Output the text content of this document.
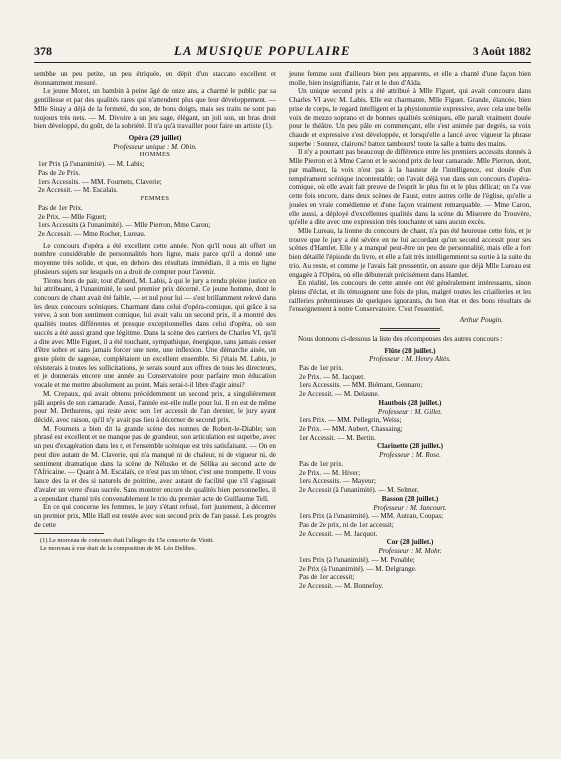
378	LA MUSIQUE POPULAIRE	3 Août 1882

sembhe un peu petite, un peu étriquée, en dépit d'un staccato excellent et étonnamment mesuré.

Le jeune Moret, un bambin à peine âgé de onze ans, a charmé le public par sa gentillesse et par des qualités rares qui n'attendent plus que leur développement. — Mlle Sinay a déjà de la fermeté, du son, de bons doigts, mais ses traits ne sont pas toujours très nets. — M. Divoire a un jeu sage, élégant, un joli son, un bras droit bien développé, du goût, de la sobriété. Il n'a qu'à travailler pour faire un artiste (1).

Opéra (29 juillet)

Professeur unique : M. Obin.

HOMMES

1er Prix (à l'unanimité). — M. Labis;

Pas de 2e Prix.

1ers Accessits. — MM. Fournets, Claverie;

2e Accessit. — M. Escalaïs.

FEMMES

Pas de 1er Prix.

2e Prix. — Mlle Figuet;

1ers Accessits (à l'unanimité). — Mlle Pierron, Mme Caron;

2e Accessit. — Mme Rocher, Lureau.

Le concours d'opéra a été excellent cette année. Non qu'il nous ait offert un nombre considérable de personnalités hors ligne, mais parce qu'il a donné une moyenne très solide, et que, en dehors des résultats immédiats, il a mis en ligne plusieurs sujets sur lesquels on a droit de compter pour l'avenir.

Tirons hors de pair, tout d'abord, M. Labis, à qui le jury a rendu pleine justice en lui attribuant, à l'unanimité, le seul premier prix décerné. Ce jeune homme, dont le concours de chant avait été faible, — et nul pour lui — s'est brillamment relevé dans les deux concours scéniques. Charmant dans celui d'opéra-comique, qui grâce à sa verve, à son bon sentiment comique, lui avait valu un second prix, il a montré des qualités toutes différentes et presque exceptionnelles dans celui d'opéra, où son succès a été aussi grand que légitime. Dans la scène des carriers de Charles VI, qu'il a dite avec Mlle Figuet, il a été touchant, sympathique, énergique, sans jamais cesser d'être sobre et sans jamais forcer une note, une inflexion. Une démarche aisée, un geste plein de sagesse, complétaient un excellent ensemble. Si j'étais M. Labis, je résisterais à toutes les sollicitations, je serais sourd aux offres de tous les directeurs, et je donnerais encore une année au Conservatoire pour parfaire mon éducation vocale et me mettre absolument au point. Mais serai-t-il libre d'agir ainsi?

M. Crepaux, qui avait obtenu précédemment un second prix, a singulièrement pâli auprès de son camarade. Aussi, l'année est-elle nulle pour lui. Il en est de même pour M. Dethurens, qui reste avec son 1er accessit de l'an dernier, le jury ayant décidé, avec raison, qu'il n'y avait pas lieu à décerner de second prix.

M. Fournets a bien dit la grande scène des nonnes de Robert-le-Diable; son phrasé est excellent et ne manque pas de grandeur, son articulation est superbe, avec un peu d'exagération dans les r, et l'ensemble scénique est très satisfaisant. — On en peut dire autant de M. Claverie, qui n'a manqué ni de chaleur, ni de vigueur ni, de sentiment dramatique dans la scène de Nélusko et de Sélika au second acte de l'Africaine. — Quant à M. Escalaïs, ce n'est pas un ténor, c'est une trompette. Il vous lance des la et des si naturels de poitrine, avec autant de facilité que s'il s'agissait d'avaler un verre d'eau sucrée. Sans montrer encore de qualités bien personnelles, il a cependant chanté très convenablement le trio du premier acte de Guillaume Tell.

En ce qui concerne les femmes, le jury s'étant refusé, fort justement, à décerner un premier prix, Mlle Hall est restée avec son second prix de l'an passé. Les progrès de cette

(1) Le morceau de concours était l'allegro du 15e concerto de Viotti.

Le morceau à vue était de la composition de M. Léo Delibes.

jeune femme sont d'ailleurs bien peu apparents, et elle a chanté d'une façon bien molle, bien insignifiante, l'air et le duo d'Aïda.

Un unique second prix a été attribué à Mlle Figuet, qui avait concouru dans Charles VI avec M. Labis. Elle est charmante, Mlle Figuet. Grande, élancée, bien prise de corps, le regard intelligent et la physionomie expressive, avec cela une belle voix de mezzo soprano et de bonnes qualités scéniques, elle paraît vraiment douée pour le théâtre. Un peu pâle en commençant, elle s'est animée par degrés, sa voix chaude et expressive s'est développée, et lorsqu'elle a lancé avec vigueur la phrase superbe : Sonnez, clairons! battez tambours! toute la salle a battu des mains.

Il n'y a pourtant pas beaucoup de différence entre les premiers accessits donnés à Mlle Pierron et à Mme Caron et le second prix de leur camarade. Mlle Pierron, dont, par malheur, la voix n'est pas à la hauteur de l'intelligence, est douée d'un tempérament scénique incontestable; on l'avait déjà vue dans son concours d'opéra-comique, où elle avait fait preuve de l'esprit le plus fin et le plus délicat; on l'a vue cette fois encore, dans deux scènes de Faust, entre autres celle de l'église, qu'elle a jouées en vraie comédienne et d'une façon vraiment remarquable. — Mme Caron, elle aussi, a déployé d'excellentes qualités dans la scène du Miserere du Trouvère, qu'elle a dite avec une expression très touchante et sans aucun excès.

Mlle Lureau, la lionne du concours de chant, n'a pas été heureuse cette fois, et je trouve que le jury a été sévère en ne lui accordant qu'un second accessit pour ses scènes d'Hamlet. Elle y a manqué peut-être un peu de personnalité, mais elle a fort bien détaillé l'épisode du livre, et elle a fait très intelligemment sa sortie à la suite du trio. Au reste, et comme je l'avais fait pressentir, on assure que déjà Mlle Lureau est engagée à l'Opéra, où elle débuterait précisément dans Hamlet.

En réalité, les concours de cette année ont été généralement intéressants, sinon pleins d'éclat, et ils témoignent une fois de plus, malgré toutes les criailleries et les railleries prétentieuses de quelques ignorants, du bon état et des bons résultats de l'enseignement à notre Conservatoire. C'est l'essentiel.

Arthur Pougin.

Nous donnons ci-dessous la liste des récompenses des autres concours :

Flûte (28 juillet.)

Professeur : M. Henry Altès.

Pas de 1er prix.

2e Prix. — M. Jacquet.

1ers Accessits. — MM. Biémant, Gennaro;

2e Accessit. — M. Delaune.

Hautbois (28 juillet.)

Professeur : M. Gillet.

1ers Prix. — MM. Pellegrin, Weiss;

2e Prix. — MM. Aubert, Chassaing;

1er Accessit. — M. Bertin.

Clarinette (28 juillet.)

Professeur : M. Rose.

Pas de 1er prix.

2e Prix. — M. Hiver;

1ers Accessits. — Mayeur;

2e Accessit (à l'unanimité). — M. Selmer.

Basson (28 juillet.)

Professeur : M. Jancourt.

1ers Prix (à l'unanimité). — MM. Autran, Coupas;

Pas de 2e prix, ni de 1er accessit;

2e Accessit. — M. Jacquot.

Cor (28 juillet.)

Professeur : M. Mohr.

1ers Prix (à l'unanimité). — M. Penable;

2e Prix (à l'unanimité). — M. Delgrange.

Pas de 1er accessit;

2e Accessit. — M. Bonnefoy.
